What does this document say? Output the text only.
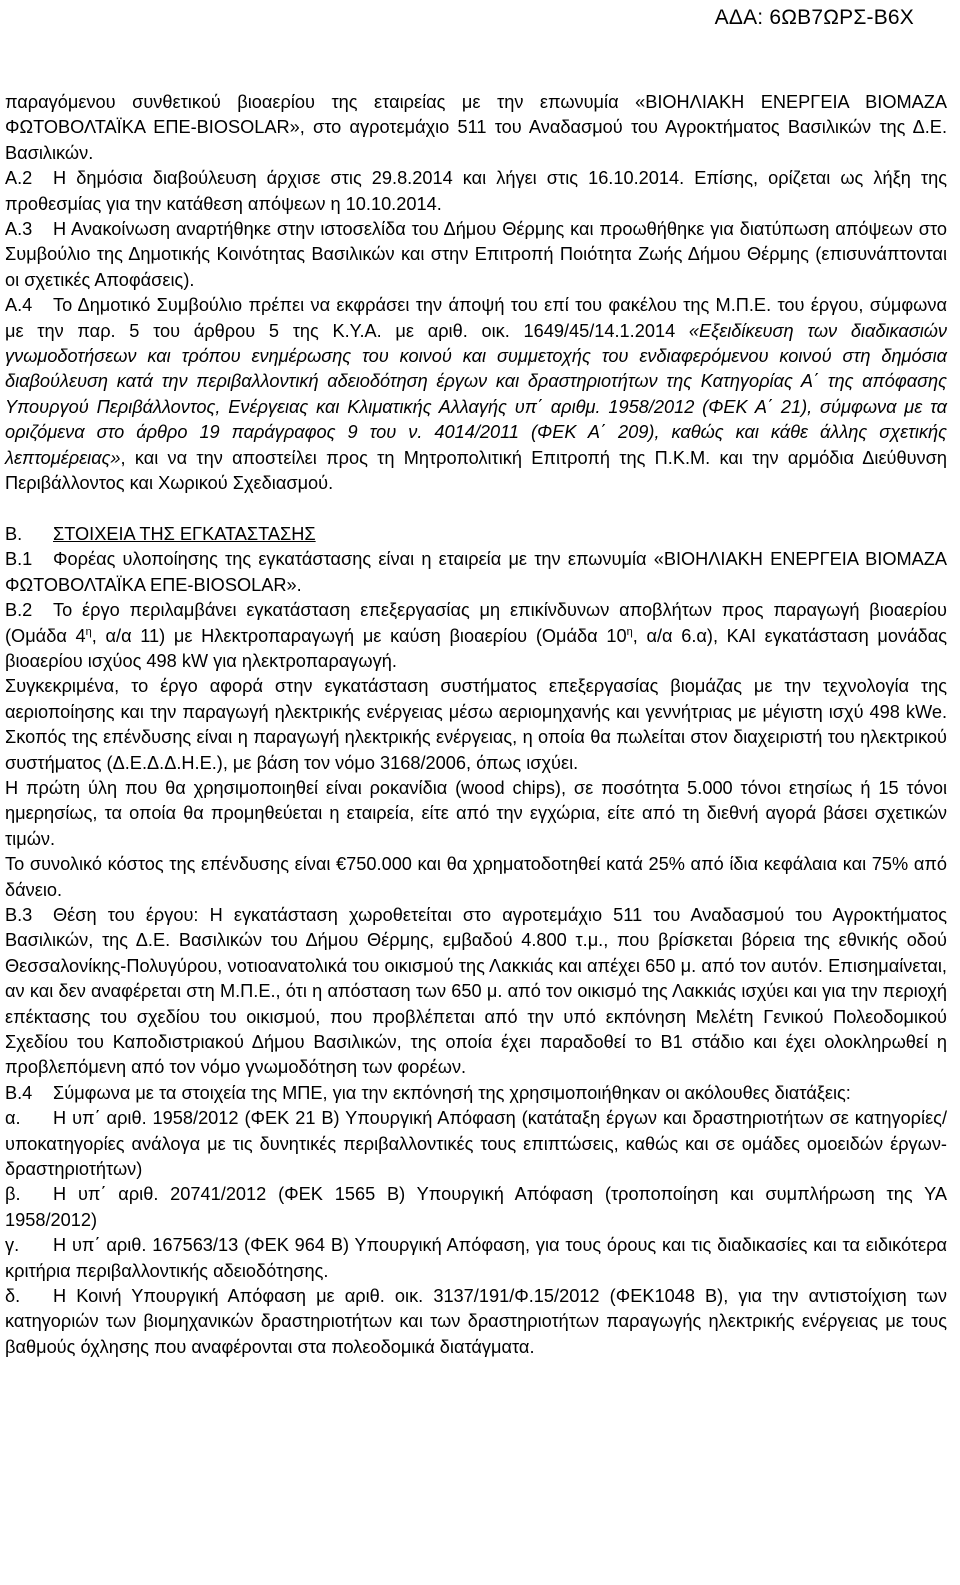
ΑΔΑ: 6ΩΒ7ΩΡΣ-Β6Χ

παραγόμενου συνθετικού βιοαερίου της εταιρείας με την επωνυμία «ΒΙΟΗΛΙΑΚΗ ΕΝΕΡΓΕΙΑ ΒΙΟΜΑΖΑ ΦΩΤΟΒΟΛΤΑΪΚΑ ΕΠΕ-BIOSOLAR», στο αγροτεμάχιο 511 του Αναδασμού του Αγροκτήματος Βασιλικών της Δ.Ε. Βασιλικών.

Α.2 Η δημόσια διαβούλευση άρχισε στις 29.8.2014 και λήγει στις 16.10.2014. Επίσης, ορίζεται ως λήξη της προθεσμίας για την κατάθεση απόψεων η 10.10.2014.

Α.3 Η Ανακοίνωση αναρτήθηκε στην ιστοσελίδα του Δήμου Θέρμης και προωθήθηκε για διατύπωση απόψεων στο Συμβούλιο της Δημοτικής Κοινότητας Βασιλικών και στην Επιτροπή Ποιότητα Ζωής Δήμου Θέρμης (επισυνάπτονται οι σχετικές Αποφάσεις).

Α.4 Το Δημοτικό Συμβούλιο πρέπει να εκφράσει την άποψή του επί του φακέλου της Μ.Π.Ε. του έργου, σύμφωνα με την παρ. 5 του άρθρου 5 της Κ.Υ.Α. με αριθ. οικ. 1649/45/14.1.2014 «Εξειδίκευση των διαδικασιών γνωμοδοτήσεων και τρόπου ενημέρωσης του κοινού και συμμετοχής του ενδιαφερόμενου κοινού στη δημόσια διαβούλευση κατά την περιβαλλοντική αδειοδότηση έργων και δραστηριοτήτων της Κατηγορίας Α΄ της απόφασης Υπουργού Περιβάλλοντος, Ενέργειας και Κλιματικής Αλλαγής υπ΄ αριθμ. 1958/2012 (ΦΕΚ Α΄ 21), σύμφωνα με τα οριζόμενα στο άρθρο 19 παράγραφος 9 του ν. 4014/2011 (ΦΕΚ Α΄ 209), καθώς και κάθε άλλης σχετικής λεπτομέρειας», και να την αποστείλει προς τη Μητροπολιτική Επιτροπή της Π.Κ.Μ. και την αρμόδια Διεύθυνση Περιβάλλοντος και Χωρικού Σχεδιασμού.

Β. ΣΤΟΙΧΕΙΑ ΤΗΣ ΕΓΚΑΤΑΣΤΑΣΗΣ

Β.1 Φορέας υλοποίησης της εγκατάστασης είναι η εταιρεία με την επωνυμία «ΒΙΟΗΛΙΑΚΗ ΕΝΕΡΓΕΙΑ ΒΙΟΜΑΖΑ ΦΩΤΟΒΟΛΤΑΪΚΑ ΕΠΕ-BIOSOLAR».

Β.2 Το έργο περιλαμβάνει εγκατάσταση επεξεργασίας μη επικίνδυνων αποβλήτων προς παραγωγή βιοαερίου (Ομάδα $4^\eta$, α/α 11) με Ηλεκτροπαραγωγή με καύση βιοαερίου (Ομάδα $10^\eta$, α/α 6.α), ΚΑΙ εγκατάσταση μονάδας βιοαερίου ισχύος 498 kW για ηλεκτροπαραγωγή.

Συγκεκριμένα, το έργο αφορά στην εγκατάσταση συστήματος επεξεργασίας βιομάζας με την τεχνολογία της αεριοποίησης και την παραγωγή ηλεκτρικής ενέργειας μέσω αεριομηχανής και γεννήτριας με μέγιστη ισχύ 498 kWe. Σκοπός της επένδυσης είναι η παραγωγή ηλεκτρικής ενέργειας, η οποία θα πωλείται στον διαχειριστή του ηλεκτρικού συστήματος (Δ.Ε.Δ.Δ.Η.Ε.), με βάση τον νόμο 3168/2006, όπως ισχύει.

Η πρώτη ύλη που θα χρησιμοποιηθεί είναι ροκανίδια (wood chips), σε ποσότητα 5.000 τόνοι ετησίως ή 15 τόνοι ημερησίως, τα οποία θα προμηθεύεται η εταιρεία, είτε από την εγχώρια, είτε από τη διεθνή αγορά βάσει σχετικών τιμών.

Το συνολικό κόστος της επένδυσης είναι €750.000 και θα χρηματοδοτηθεί κατά 25% από ίδια κεφάλαια και 75% από δάνειο.

Β.3 Θέση του έργου: Η εγκατάσταση χωροθετείται στο αγροτεμάχιο 511 του Αναδασμού του Αγροκτήματος Βασιλικών, της Δ.Ε. Βασιλικών του Δήμου Θέρμης, εμβαδού 4.800 τ.μ., που βρίσκεται βόρεια της εθνικής οδού Θεσσαλονίκης-Πολυγύρου, νοτιοανατολικά του οικισμού της Λακκιάς και απέχει 650 μ. από τον αυτόν. Επισημαίνεται, αν και δεν αναφέρεται στη Μ.Π.Ε., ότι η απόσταση των 650 μ. από τον οικισμό της Λακκιάς ισχύει και για την περιοχή επέκτασης του σχεδίου του οικισμού, που προβλέπεται από την υπό εκπόνηση Μελέτη Γενικού Πολεοδομικού Σχεδίου του Καποδιστριακού Δήμου Βασιλικών, της οποία έχει παραδοθεί το Β1 στάδιο και έχει ολοκληρωθεί η προβλεπόμενη από τον νόμο γνωμοδότηση των φορέων.

Β.4 Σύμφωνα με τα στοιχεία της ΜΠΕ, για την εκπόνησή της χρησιμοποιήθηκαν οι ακόλουθες διατάξεις:

α. Η υπ΄ αριθ. 1958/2012 (ΦΕΚ 21 Β) Υπουργική Απόφαση (κατάταξη έργων και δραστηριοτήτων σε κατηγορίες/υποκατηγορίες ανάλογα με τις δυνητικές περιβαλλοντικές τους επιπτώσεις, καθώς και σε ομάδες ομοειδών έργων-δραστηριοτήτων)

β. Η υπ΄ αριθ. 20741/2012 (ΦΕΚ 1565 Β) Υπουργική Απόφαση (τροποποίηση και συμπλήρωση της ΥΑ 1958/2012)

γ. Η υπ΄ αριθ. 167563/13 (ΦΕΚ 964 Β) Υπουργική Απόφαση, για τους όρους και τις διαδικασίες και τα ειδικότερα κριτήρια περιβαλλοντικής αδειοδότησης.

δ. Η Κοινή Υπουργική Απόφαση με αριθ. οικ. 3137/191/Φ.15/2012 (ΦΕΚ1048 Β), για την αντιστοίχιση των κατηγοριών των βιομηχανικών δραστηριοτήτων και των δραστηριοτήτων παραγωγής ηλεκτρικής ενέργειας με τους βαθμούς όχλησης που αναφέρονται στα πολεοδομικά διατάγματα.
